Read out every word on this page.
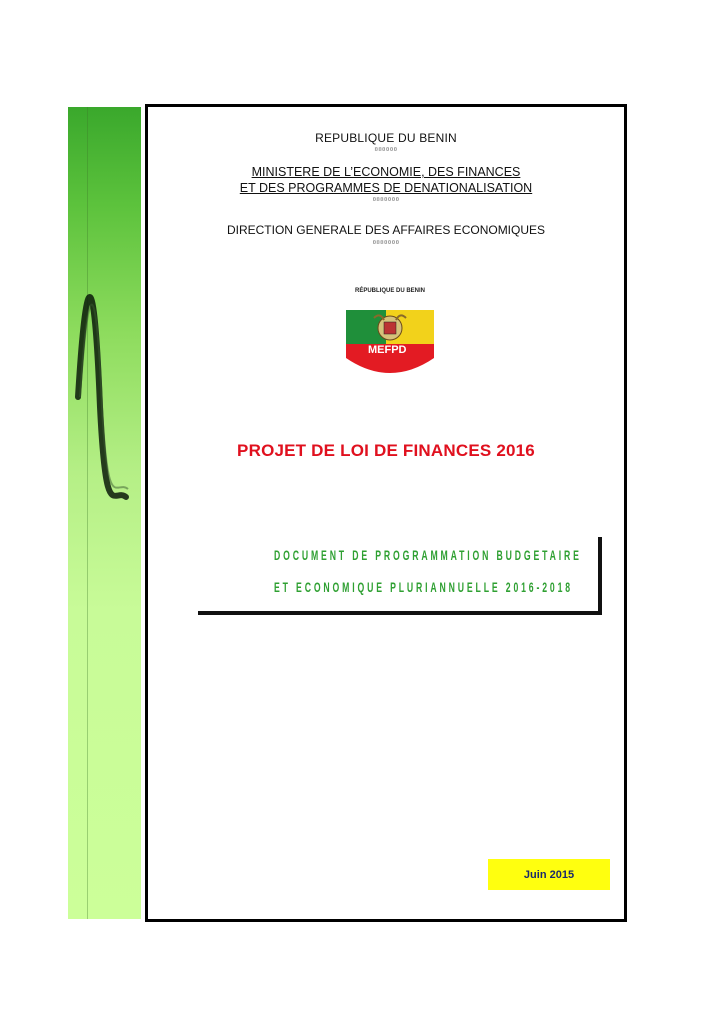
REPUBLIQUE DU BENIN
¤¤¤¤¤¤
MINISTERE DE L’ECONOMIE, DES FINANCES
ET DES PROGRAMMES DE DENATIONALISATION
¤¤¤¤¤¤¤
DIRECTION GENERALE DES AFFAIRES ECONOMIQUES
¤¤¤¤¤¤¤
MEFPD
RÉPUBLIQUE DU BENIN
PROJET DE LOI DE FINANCES 2016
DOCUMENT DE PROGRAMMATION BUDGETAIRE
ET ECONOMIQUE PLURIANNUELLE 2016-2018
Juin 2015
